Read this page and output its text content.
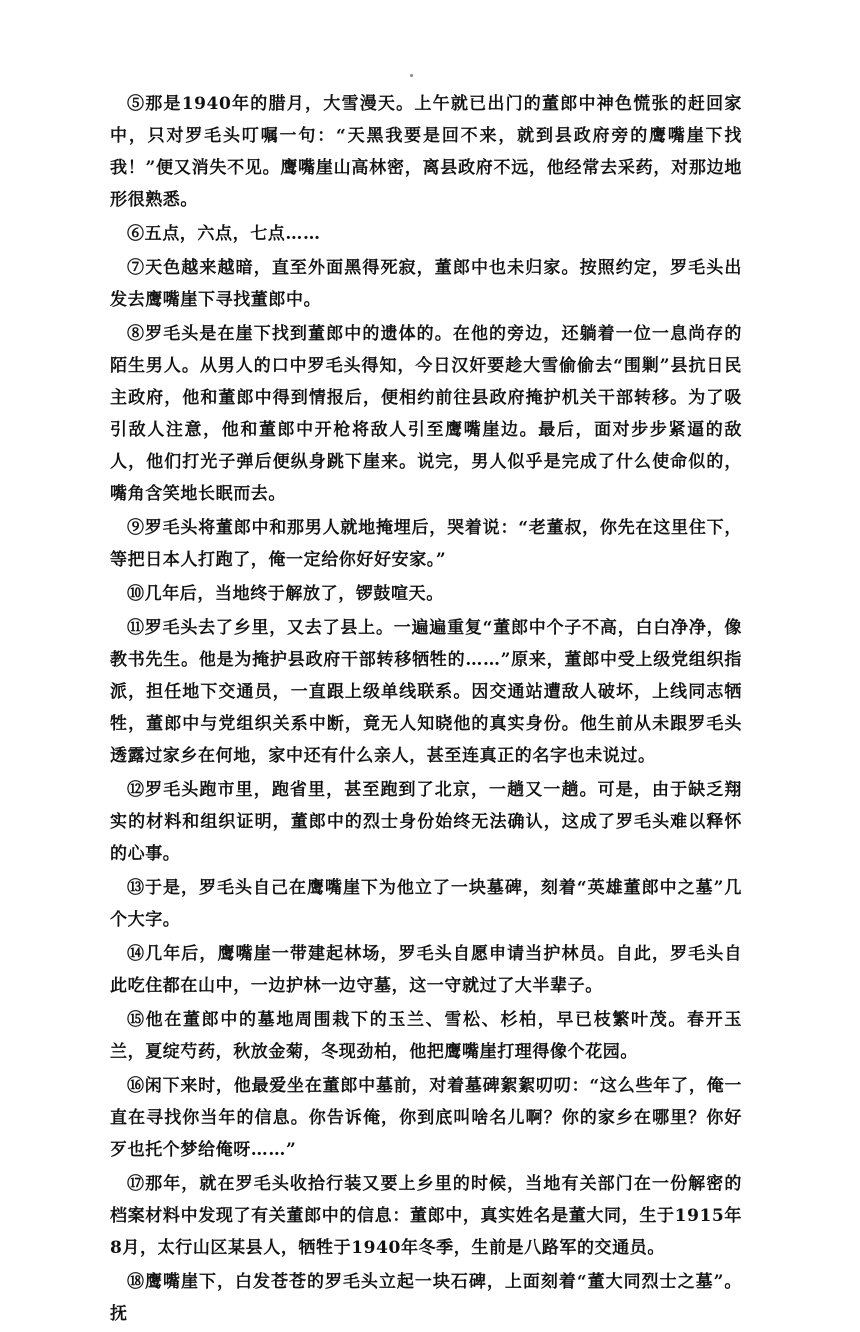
⑤那是1940年的腊月，大雪漫天。上午就已出门的董郎中神色慌张的赶回家中，只对罗毛头叮嘱一句：“天黑我要是回不来，就到县政府旁的鹰嘴崖下找我！”便又消失不见。鹰嘴崖山高林密，离县政府不远，他经常去采药，对那边地形很熟悉。

⑥五点，六点，七点……

⑦天色越来越暗，直至外面黑得死寂，董郎中也未归家。按照约定，罗毛头出发去鹰嘴崖下寻找董郎中。

⑧罗毛头是在崖下找到董郎中的遗体的。在他的旁边，还躺着一位一息尚存的陌生男人。从男人的口中罗毛头得知，今日汉奸要趁大雪偷偷去“围剿”县抗日民主政府，他和董郎中得到情报后，便相约前往县政府掩护机关干部转移。为了吸引敌人注意，他和董郎中开枪将敌人引至鹰嘴崖边。最后，面对步步紧逼的敌人，他们打光子弹后便纵身跳下崖来。说完，男人似乎是完成了什么使命似的，嘴角含笑地长眠而去。

⑨罗毛头将董郎中和那男人就地掩埋后，哭着说：“老董叔，你先在这里住下，等把日本人打跑了，俺一定给你好好安家。”

⑩几年后，当地终于解放了，锣鼓喧天。

⑪罗毛头去了乡里，又去了县上。一遍遍重复“董郎中个子不高，白白净净，像教书先生。他是为掩护县政府干部转移牺牲的……”原来，董郎中受上级党组织指派，担任地下交通员，一直跟上级单线联系。因交通站遭敌人破坏，上线同志牺牲，董郎中与党组织关系中断，竟无人知晓他的真实身份。他生前从未跟罗毛头透露过家乡在何地，家中还有什么亲人，甚至连真正的名字也未说过。

⑫罗毛头跑市里，跑省里，甚至跑到了北京，一趟又一趟。可是，由于缺乏翔实的材料和组织证明，董郎中的烈士身份始终无法确认，这成了罗毛头难以释怀的心事。

⑬于是，罗毛头自己在鹰嘴崖下为他立了一块墓碑，刻着“英雄董郎中之墓”几个大字。

⑭几年后，鹰嘴崖一带建起林场，罗毛头自愿申请当护林员。自此，罗毛头自此吃住都在山中，一边护林一边守墓，这一守就过了大半辈子。

⑮他在董郎中的墓地周围栽下的玉兰、雪松、杉柏，早已枝繁叶茂。春开玉兰，夏绽芍药，秋放金菊，冬现劲柏，他把鹰嘴崖打理得像个花园。

⑯闲下来时，他最爱坐在董郎中墓前，对着墓碑絮絮叨叨：“这么些年了，俺一直在寻找你当年的信息。你告诉俺，你到底叫啥名儿啊？你的家乡在哪里？你好歹也托个梦给俺呀……”

⑰那年，就在罗毛头收拾行装又要上乡里的时候，当地有关部门在一份解密的档案材料中发现了有关董郎中的信息：董郎中，真实姓名是董大同，生于1915年8月，太行山区某县人，牺牲于1940年冬季，生前是八路军的交通员。

⑱鹰嘴崖下，白发苍苍的罗毛头立起一块石碑，上面刻着“董大同烈士之墓”。抚
